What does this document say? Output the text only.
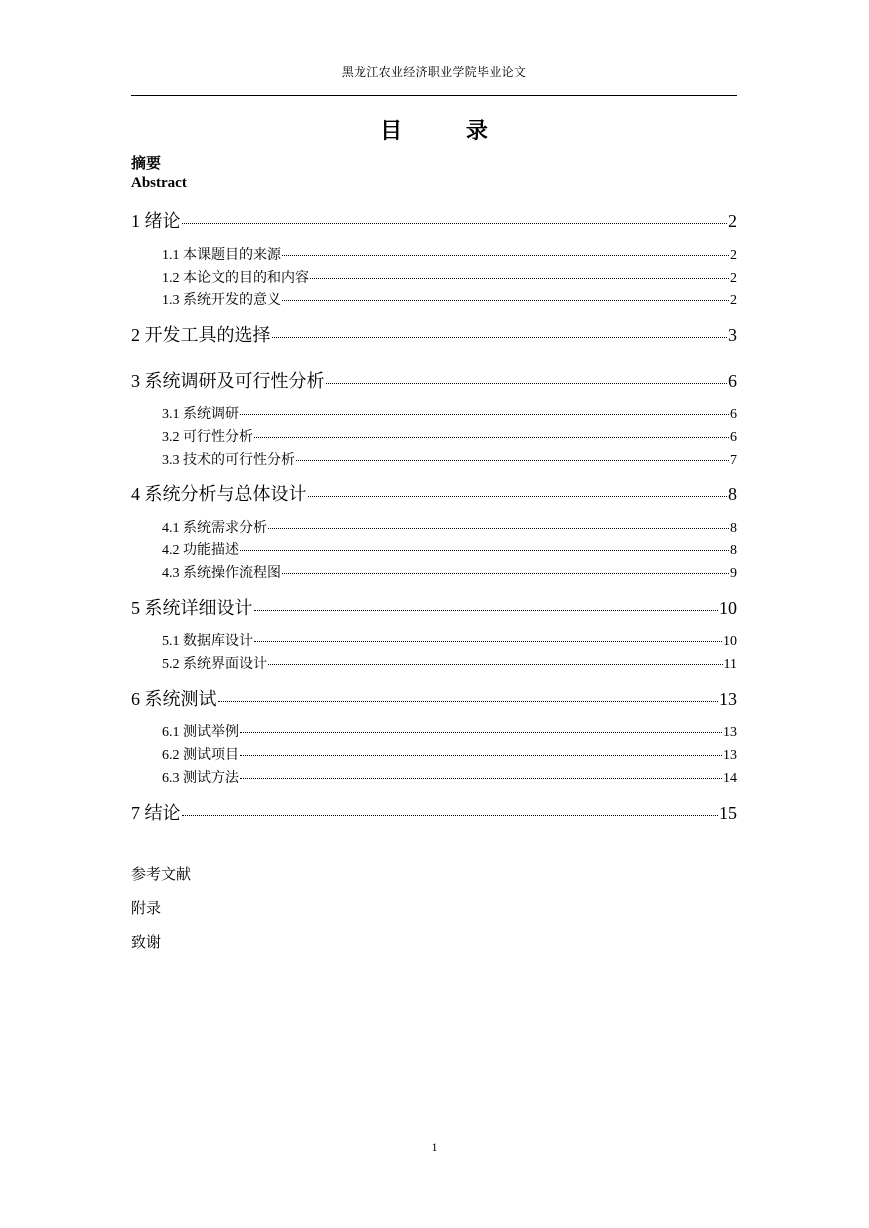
黑龙江农业经济职业学院毕业论文
目 录
摘要
Abstract
1 绪论	2
1.1 本课题目的来源	2
1.2 本论文的目的和内容	2
1.3 系统开发的意义	2
2 开发工具的选择	3
3 系统调研及可行性分析	6
3.1 系统调研	6
3.2 可行性分析	6
3.3 技术的可行性分析	7
4 系统分析与总体设计	8
4.1 系统需求分析	8
4.2 功能描述	8
4.3 系统操作流程图	9
5 系统详细设计	10
5.1 数据库设计	10
5.2 系统界面设计	11
6 系统测试	13
6.1 测试举例	13
6.2 测试项目	13
6.3 测试方法	14
7 结论	15
参考文献
附录
致谢
1
